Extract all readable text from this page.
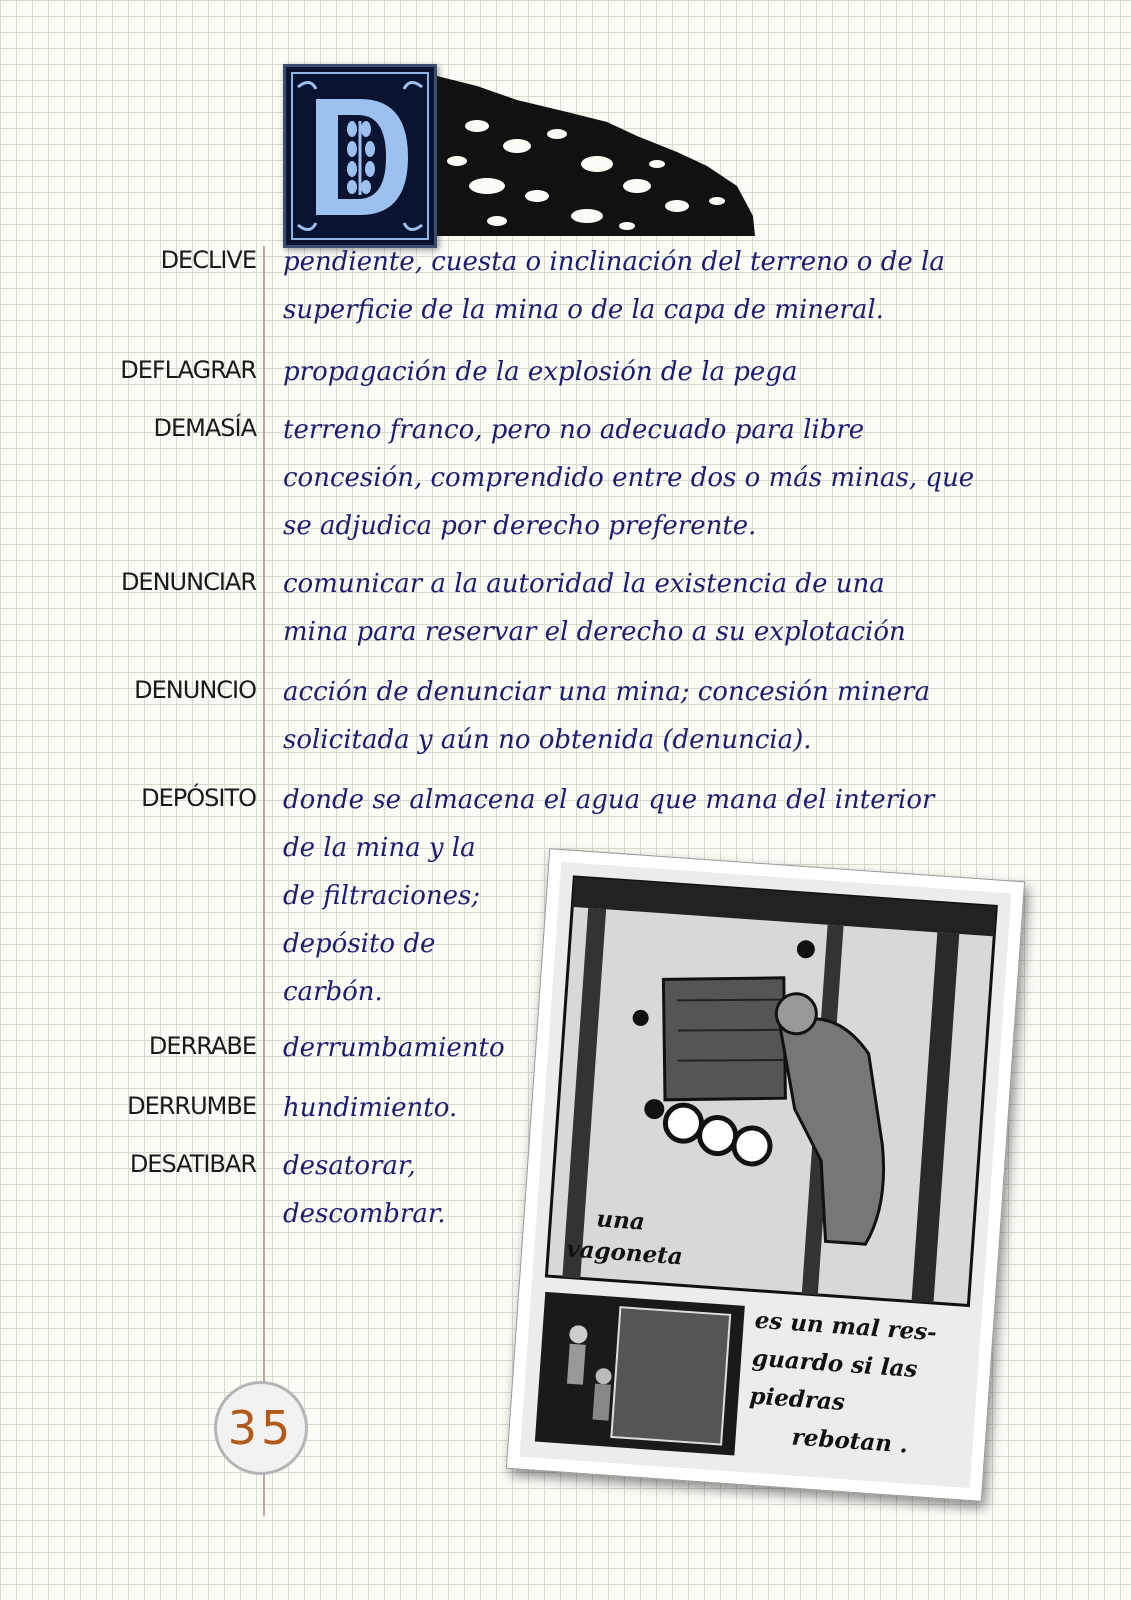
DECLIVE pendiente, cuesta o inclinación del terreno o de la
superficie de la mina o de la capa de mineral.
DEFLAGRAR propagación de la explosión de la pega
DEMASÍA terreno franco, pero no adecuado para libre
concesión, comprendido entre dos o más minas, que
se adjudica por derecho preferente.
DENUNCIAR comunicar a la autoridad la existencia de una
mina para reservar el derecho a su explotación
DENUNCIO acción de denunciar una mina; concesión minera
solicitada y aún no obtenida (denuncia).
DEPÓSITO donde se almacena el agua que mana del interior
de la mina y la
de filtraciones;
depósito de
carbón.
DERRABE derrumbamiento
DERRUMBE hundimiento.
DESATIBAR desatorar,
descombrar.	una
vagoneta
es un mal res-
guardo si las
piedras
rebotan .
35
